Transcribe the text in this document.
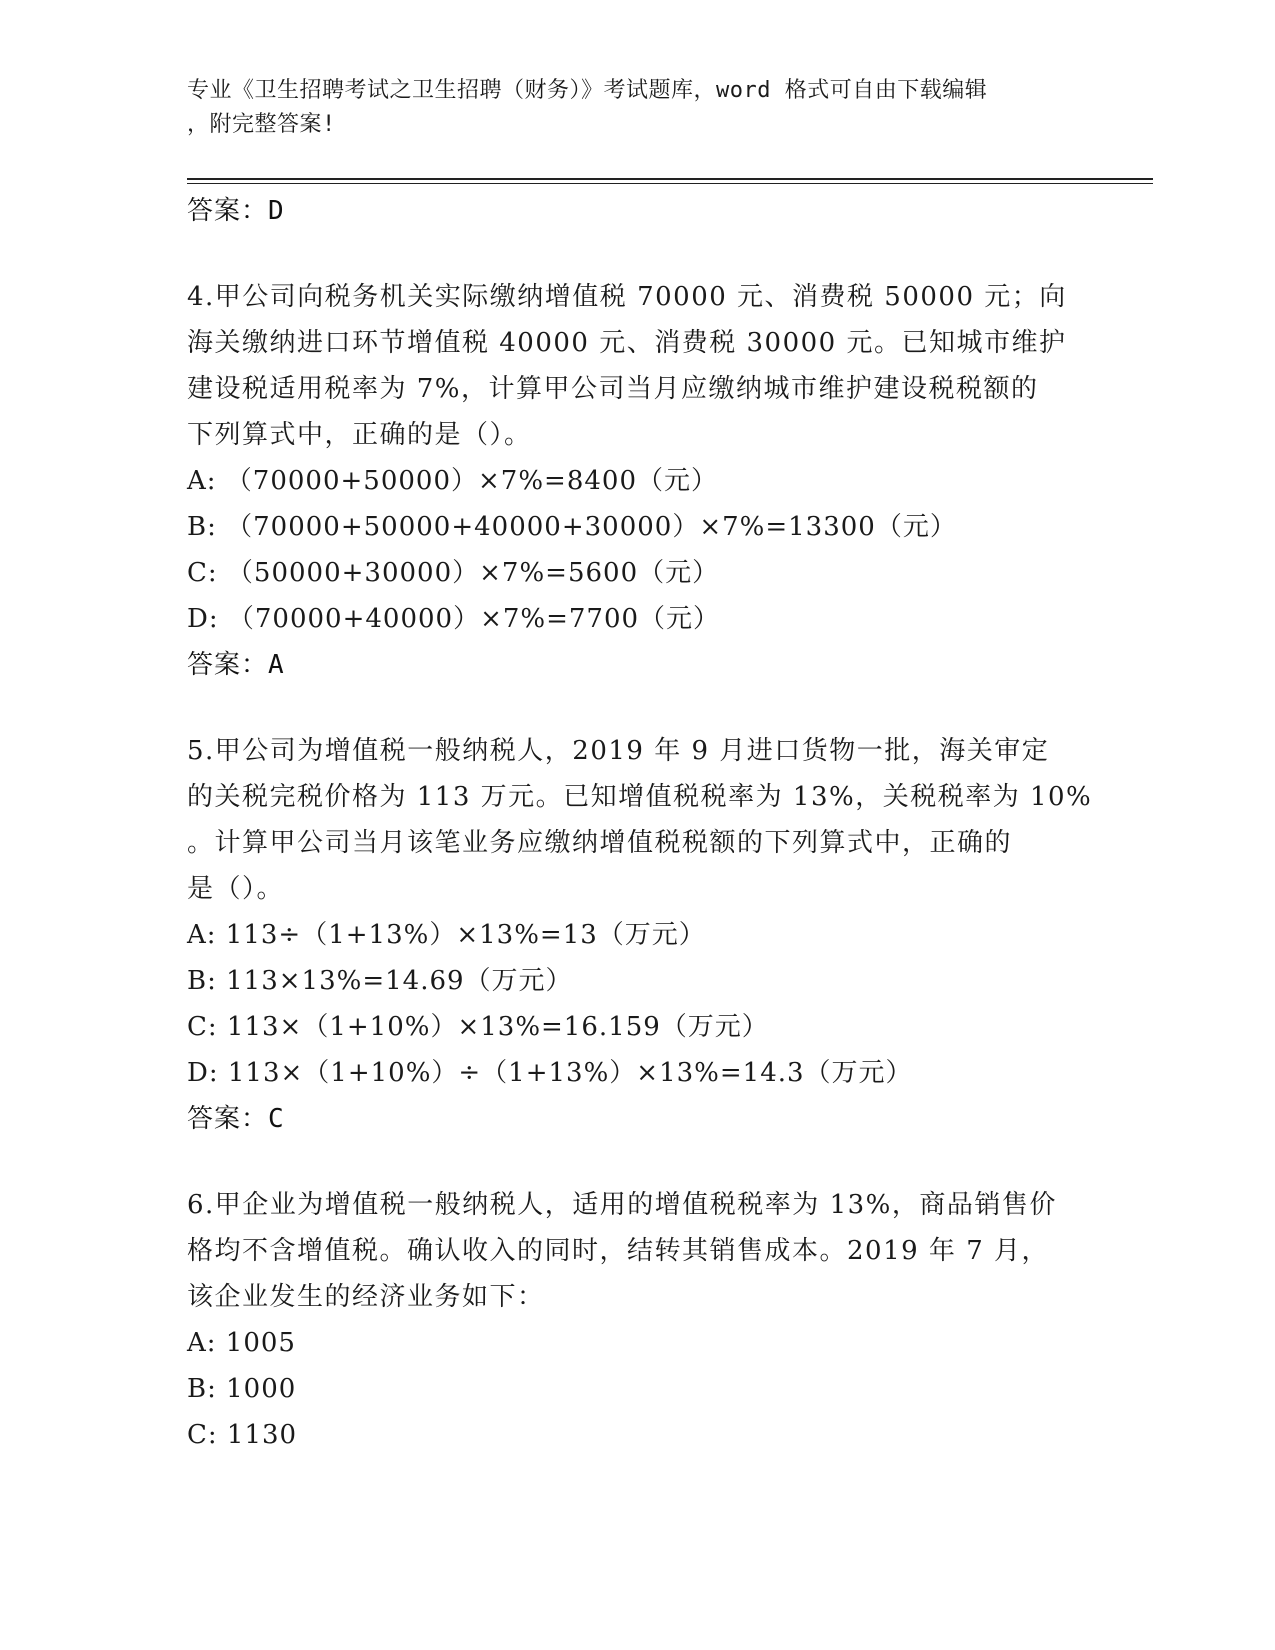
专业《卫生招聘考试之卫生招聘（财务）》考试题库，word 格式可自由下载编辑
，附完整答案!
答案：D
4.甲公司向税务机关实际缴纳增值税 70000 元、消费税 50000 元；向
海关缴纳进口环节增值税 40000 元、消费税 30000 元。已知城市维护
建设税适用税率为 7%，计算甲公司当月应缴纳城市维护建设税税额的
下列算式中，正确的是（）。
A: （70000+50000）×7%=8400（元）
B: （70000+50000+40000+30000）×7%=13300（元）
C: （50000+30000）×7%=5600（元）
D: （70000+40000）×7%=7700（元）
答案：A
5.甲公司为增值税一般纳税人，2019 年 9 月进口货物一批，海关审定
的关税完税价格为 113 万元。已知增值税税率为 13%，关税税率为 10%
。计算甲公司当月该笔业务应缴纳增值税税额的下列算式中，正确的
是（）。
A: 113÷（1+13%）×13%=13（万元）
B: 113×13%=14.69（万元）
C: 113×（1+10%）×13%=16.159（万元）
D: 113×（1+10%）÷（1+13%）×13%=14.3（万元）
答案：C
6.甲企业为增值税一般纳税人，适用的增值税税率为 13%，商品销售价
格均不含增值税。确认收入的同时，结转其销售成本。2019 年 7 月，
该企业发生的经济业务如下：
A: 1005
B: 1000
C: 1130
